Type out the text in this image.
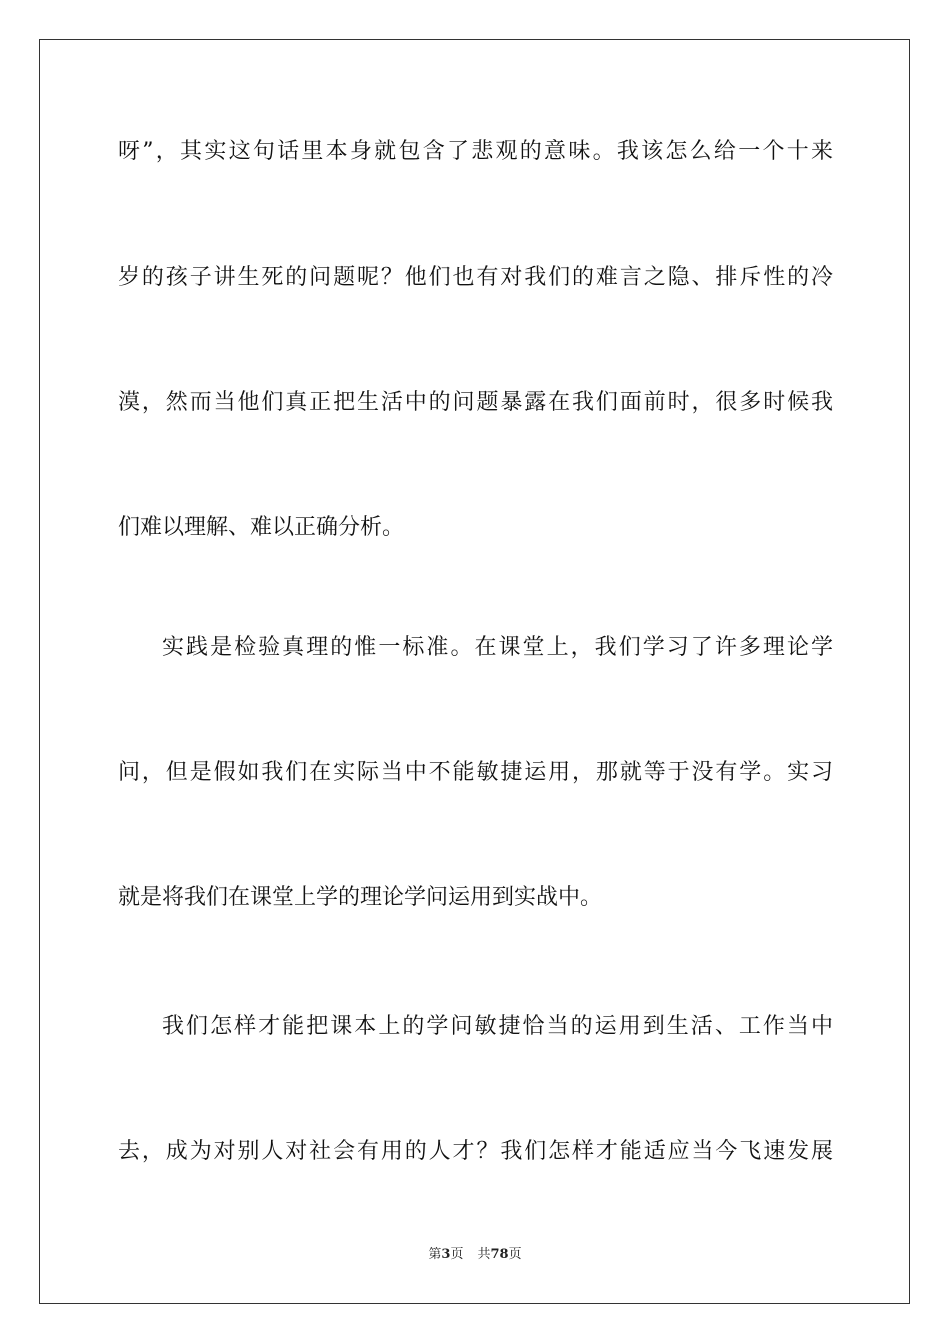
呀”，其实这句话里本身就包含了悲观的意味。我该怎么给一个十来
岁的孩子讲生死的问题呢？他们也有对我们的难言之隐、排斥性的冷
漠，然而当他们真正把生活中的问题暴露在我们面前时，很多时候我
们难以理解、难以正确分析。
实践是检验真理的惟一标准。在课堂上，我们学习了许多理论学
问，但是假如我们在实际当中不能敏捷运用，那就等于没有学。实习
就是将我们在课堂上学的理论学问运用到实战中。
我们怎样才能把课本上的学问敏捷恰当的运用到生活、工作当中
去，成为对别人对社会有用的人才？我们怎样才能适应当今飞速发展
第3页 共78页
